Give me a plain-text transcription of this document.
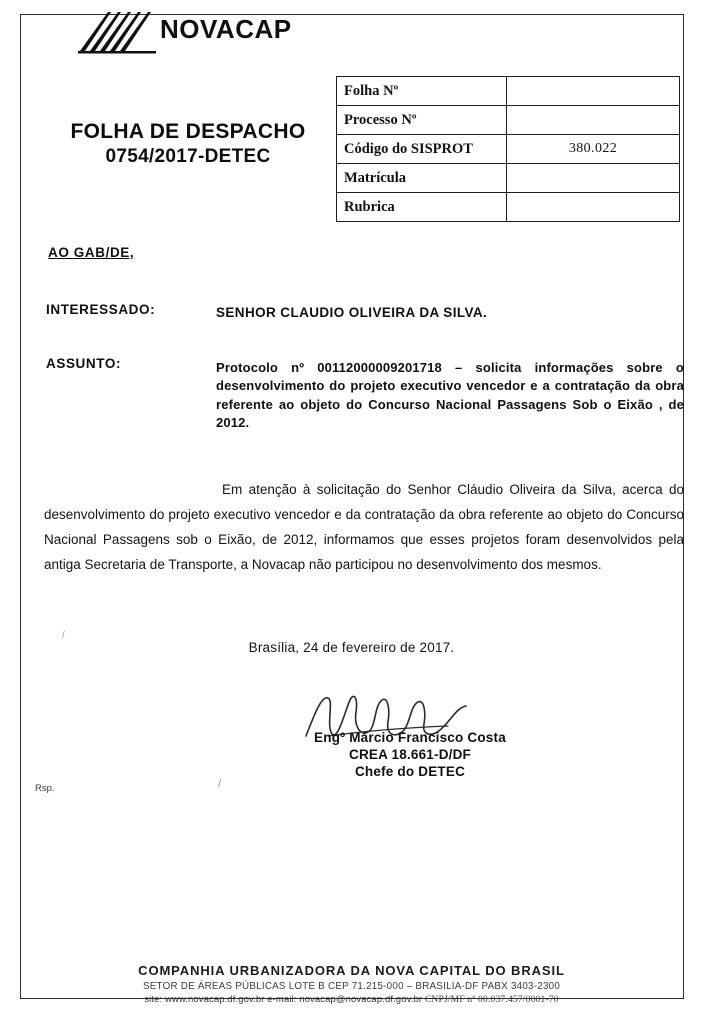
NOVACAP
FOLHA DE DESPACHO
0754/2017-DETEC
Folha Nº	
Processo Nº	
Código do SISPROT	380.022
Matrícula	
Rubrica	
AO GAB/DE,
INTERESSADO:	SENHOR CLAUDIO OLIVEIRA DA SILVA.
ASSUNTO:	Protocolo nº 00112000009201718 – solicita informações sobre o desenvolvimento do projeto executivo vencedor e a contratação da obra referente ao objeto do Concurso Nacional Passagens Sob o Eixão , de 2012.
Em atenção à solicitação do Senhor Cláudio Oliveira da Silva, acerca do desenvolvimento do projeto executivo vencedor e da contratação da obra referente ao objeto do Concurso Nacional Passagens sob o Eixão, de 2012, informamos que esses projetos foram desenvolvidos pela antiga Secretaria de Transporte, a Novacap não participou no desenvolvimento dos mesmos.
Brasília, 24 de fevereiro de 2017.
Engº Márcio Francisco Costa
CREA 18.661-D/DF
Chefe do DETEC
Rsp.	/
/
COMPANHIA URBANIZADORA DA NOVA CAPITAL DO BRASIL
SETOR DE ÁREAS PÚBLICAS LOTE B CEP 71.215-000 – BRASILIA-DF PABX 3403-2300
site: www.novacap.df.gov.br e-mail: novacap@novacap.df.gov.br CNPJ/MF nº 00.037.457/0001-70
